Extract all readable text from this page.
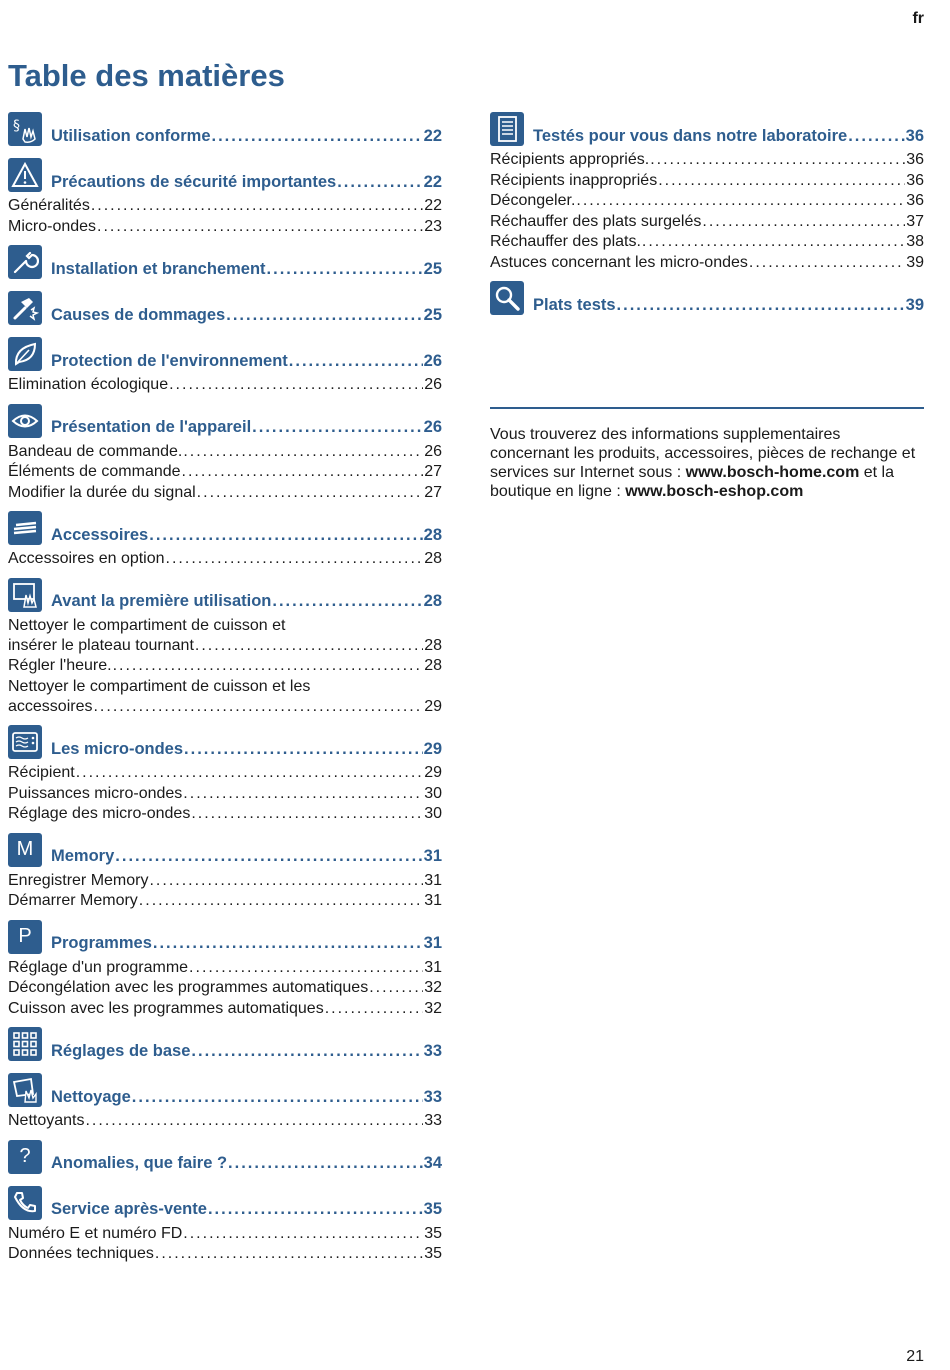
fr
Table des matières
§
Utilisation conforme .....	22
Précautions de sécurité importantes .....	22
Généralités .....	22
Micro-ondes .....	23
Installation et branchement .....	25
Causes de dommages .....	25
Protection de l'environnement .....	26
Elimination écologique .....	26
Présentation de l'appareil .....	26
Bandeau de commande. .....	26
Éléments de commande .....	27
Modifier la durée du signal .....	27
Accessoires .....	28
Accessoires en option .....	28
Avant la première utilisation .....	28
Nettoyer le compartiment de cuisson et
insérer le plateau tournant .....	28
Régler l'heure. .....	28
Nettoyer le compartiment de cuisson et les
accessoires .....	29
Les micro-ondes .....	29
Récipient .....	29
Puissances micro-ondes .....	30
Réglage des micro-ondes .....	30
M	Memory .....	31
Enregistrer Memory .....	31
Démarrer Memory .....	31
P	Programmes .....	31
Réglage d'un programme .....	31
Décongélation avec les programmes automatiques .....	32
Cuisson avec les programmes automatiques .....	32
Réglages de base .....	33
Nettoyage .....	33
Nettoyants .....	33
?	Anomalies, que faire ? .....	34
Service après-vente .....	35
Numéro E et numéro FD .....	35
Données techniques .....	35
Testés pour vous dans notre laboratoire .....	36
Récipients appropriés. .....	36
Récipients inappropriés .....	36
Décongeler. .....	36
Réchauffer des plats surgelés .....	37
Réchauffer des plats. .....	38
Astuces concernant les micro-ondes .....	39
Plats tests .....	39

Vous trouverez des informations supplementaires concernant les produits, accessoires, pièces de rechange et services sur Internet sous : www.bosch-home.com et la boutique en ligne : www.bosch-eshop.com

21
